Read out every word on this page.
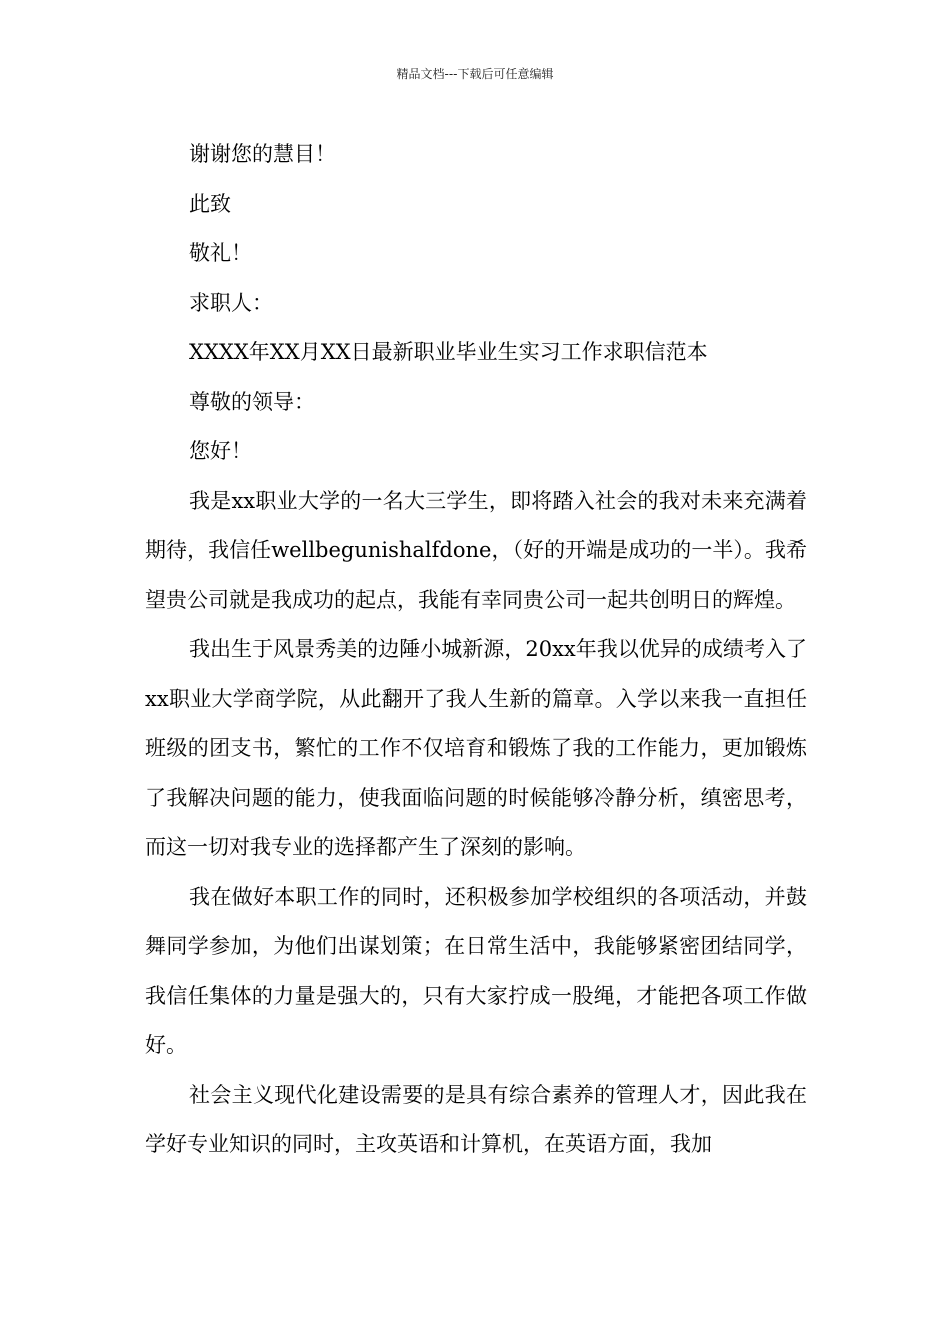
精品文档---下载后可任意编辑

谢谢您的慧目！

此致

敬礼！

求职人：

XXXX年XX月XX日最新职业毕业生实习工作求职信范本

尊敬的领导：

您好！

我是xx职业大学的一名大三学生，即将踏入社会的我对未来充满着期待，我信任wellbegunishalfdone，（好的开端是成功的一半）。我希望贵公司就是我成功的起点，我能有幸同贵公司一起共创明日的辉煌。

我出生于风景秀美的边陲小城新源，20xx年我以优异的成绩考入了xx职业大学商学院，从此翻开了我人生新的篇章。入学以来我一直担任班级的团支书，繁忙的工作不仅培育和锻炼了我的工作能力，更加锻炼了我解决问题的能力，使我面临问题的时候能够冷静分析，缜密思考，而这一切对我专业的选择都产生了深刻的影响。

我在做好本职工作的同时，还积极参加学校组织的各项活动，并鼓舞同学参加，为他们出谋划策；在日常生活中，我能够紧密团结同学，我信任集体的力量是强大的，只有大家拧成一股绳，才能把各项工作做好。

社会主义现代化建设需要的是具有综合素养的管理人才，因此我在学好专业知识的同时，主攻英语和计算机，在英语方面，我加
